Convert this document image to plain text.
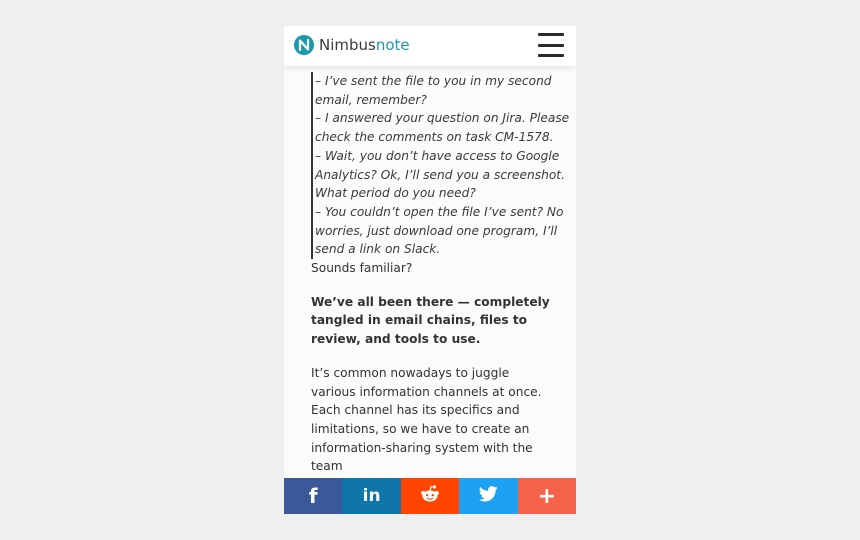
Nimbusnote
– I’ve sent the file to you in my second
email, remember?
– I answered your question on Jira. Please
check the comments on task CM-1578.
– Wait, you don’t have access to Google
Analytics? Ok, I’ll send you a screenshot.
What period do you need?
– You couldn’t open the file I’ve sent? No
worries, just download one program, I’ll
send a link on Slack.

Sounds familiar?

We’ve all been there — completely tangled in email chains, files to review, and tools to use.

It’s common nowadays to juggle various information channels at once. Each channel has its specifics and limitations, so we have to create an information-sharing system with the team

f	in	+
